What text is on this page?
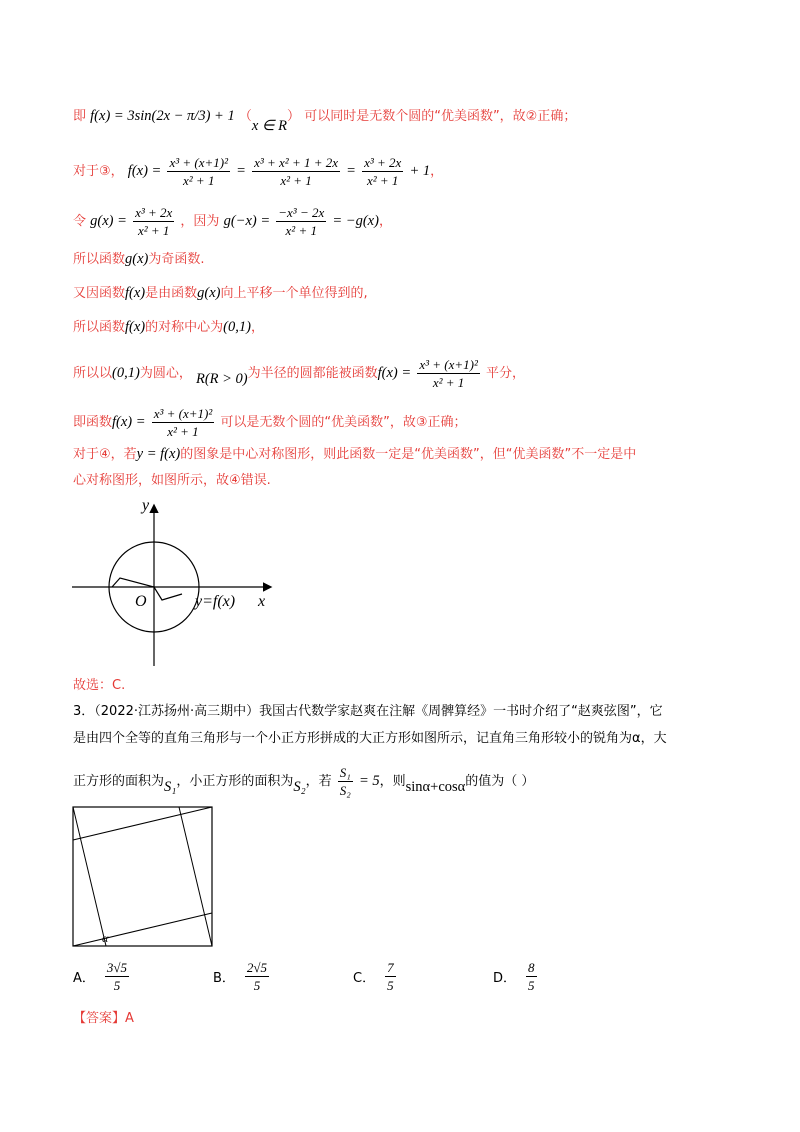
即 f(x) = 3sin(2x − π/3) + 1 （x ∈ R） 可以同时是无数个圆的“优美函数”，故②正确；
对于③， $f(x) = \frac{\text{x³ + (x+1)²}}{\text{x² + 1}} = \frac{\text{x³ + x² + 1 + 2x}}{\text{x² + 1}} = \frac{\text{x³ + 2x}}{\text{x² + 1}} + 1$，
令 $g(x) = \frac{\text{x³ + 2x}}{\text{x² + 1}}$ ，因为 $g(-x) = \frac{\text{−x³ − 2x}}{\text{x² + 1}} = -g(x)$，
所以函数g(x)为奇函数.
又因函数f(x)是由函数g(x)向上平移一个单位得到的,
所以函数f(x)的对称中心为(0,1)，
所以以(0,1)为圆心， R(R > 0)为半径的圆都能被函数$f(x) = \frac{\text{x³ + (x+1)²}}{\text{x² + 1}}$ 平分，
即函数$f(x) = \frac{\text{x³ + (x+1)²}}{\text{x² + 1}}$ 可以是无数个圆的“优美函数”，故③正确；
对于④，若y = f(x)的图象是中心对称图形，则此函数一定是“优美函数”，但“优美函数”不一定是中
心对称图形，如图所示，故④错误.
y
x
O	y=f(x)
故选：C.
3．（2022·江苏扬州·高三期中）我国古代数学家赵爽在注解《周髀算经》一书时介绍了“赵爽弦图”，它
是由四个全等的直角三角形与一个小正方形拼成的大正方形如图所示，记直角三角形较小的锐角为α，大
正方形的面积为S₁，小正方形的面积为S₂，若 $\frac{\text{S₁}}{\text{S₂}} = 5$，则sinα+cosα的值为（ ）
α
A． $\frac{3√5}{5}$	B． $\frac{2√5}{5}$	C． $\frac{7}{5}$	D． $\frac{8}{5}$
【答案】A
